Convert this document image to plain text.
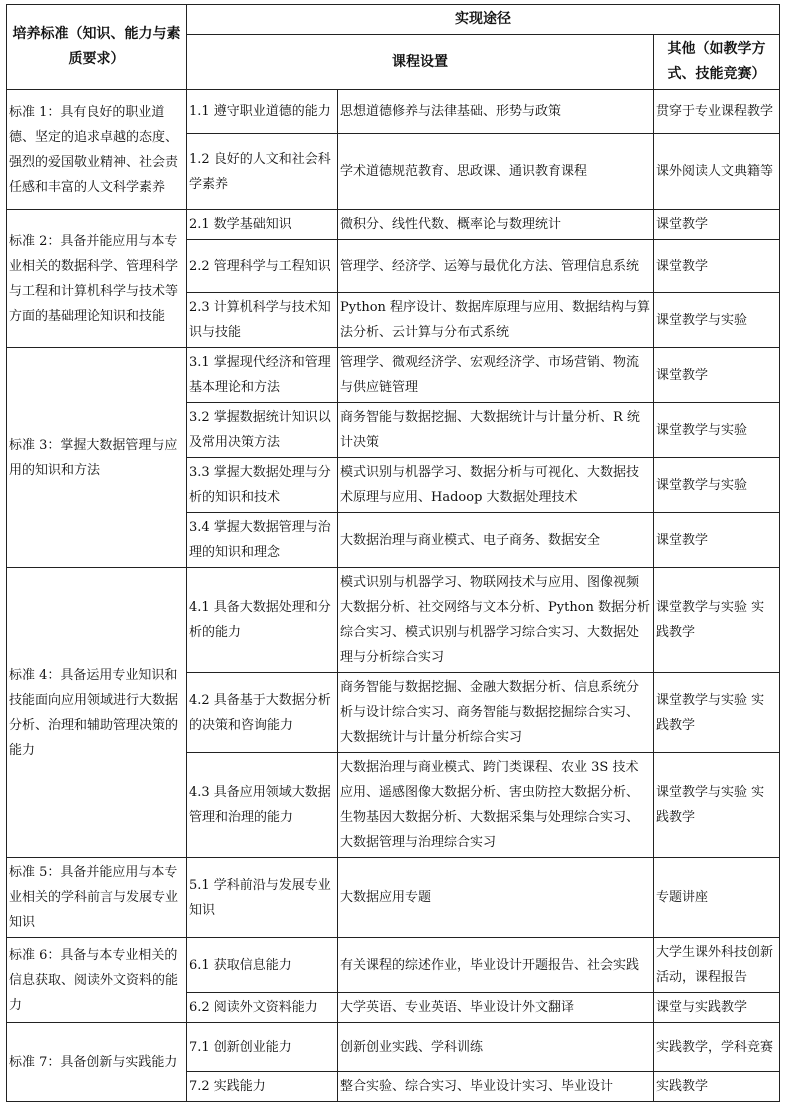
培养标准（知识、能力与素质要求）	实现途径		
	课程设置		其他（如教学方式、技能竞赛）
标准 1：具有良好的职业道德、坚定的追求卓越的态度、强烈的爱国敬业精神、社会责任感和丰富的人文科学素养	1.1 遵守职业道德的能力	思想道德修养与法律基础、形势与政策	贯穿于专业课程教学
	1.2 良好的人文和社会科学素养	学术道德规范教育、思政课、通识教育课程	课外阅读人文典籍等
标准 2：具备并能应用与本专业相关的数据科学、管理科学与工程和计算机科学与技术等方面的基础理论知识和技能	2.1 数学基础知识	微积分、线性代数、概率论与数理统计	课堂教学
	2.2 管理科学与工程知识	管理学、经济学、运筹与最优化方法、管理信息系统	课堂教学
	2.3 计算机科学与技术知识与技能	Python 程序设计、数据库原理与应用、数据结构与算法分析、云计算与分布式系统	课堂教学与实验
标准 3：掌握大数据管理与应用的知识和方法	3.1 掌握现代经济和管理基本理论和方法	管理学、微观经济学、宏观经济学、市场营销、物流与供应链管理	课堂教学
	3.2 掌握数据统计知识以及常用决策方法	商务智能与数据挖掘、大数据统计与计量分析、R 统计决策	课堂教学与实验
	3.3 掌握大数据处理与分析的知识和技术	模式识别与机器学习、数据分析与可视化、大数据技术原理与应用、Hadoop 大数据处理技术	课堂教学与实验
	3.4 掌握大数据管理与治理的知识和理念	大数据治理与商业模式、电子商务、数据安全	课堂教学
标准 4：具备运用专业知识和技能面向应用领域进行大数据分析、治理和辅助管理决策的能力	4.1 具备大数据处理和分析的能力	模式识别与机器学习、物联网技术与应用、图像视频大数据分析、社交网络与文本分析、Python 数据分析综合实习、模式识别与机器学习综合实习、大数据处理与分析综合实习	课堂教学与实验 实践教学
	4.2 具备基于大数据分析的决策和咨询能力	商务智能与数据挖掘、金融大数据分析、信息系统分析与设计综合实习、商务智能与数据挖掘综合实习、大数据统计与计量分析综合实习	课堂教学与实验 实践教学
	4.3 具备应用领域大数据管理和治理的能力	大数据治理与商业模式、跨门类课程、农业 3S 技术应用、遥感图像大数据分析、害虫防控大数据分析、生物基因大数据分析、大数据采集与处理综合实习、大数据管理与治理综合实习	课堂教学与实验 实践教学
标准 5：具备并能应用与本专业相关的学科前言与发展专业知识	5.1 学科前沿与发展专业知识	大数据应用专题	专题讲座
标准 6：具备与本专业相关的信息获取、阅读外文资料的能力	6.1 获取信息能力	有关课程的综述作业，毕业设计开题报告、社会实践	大学生课外科技创新活动，课程报告
	6.2 阅读外文资料能力	大学英语、专业英语、毕业设计外文翻译	课堂与实践教学
标准 7：具备创新与实践能力	7.1 创新创业能力	创新创业实践、学科训练	实践教学，学科竞赛
	7.2 实践能力	整合实验、综合实习、毕业设计实习、毕业设计	实践教学
